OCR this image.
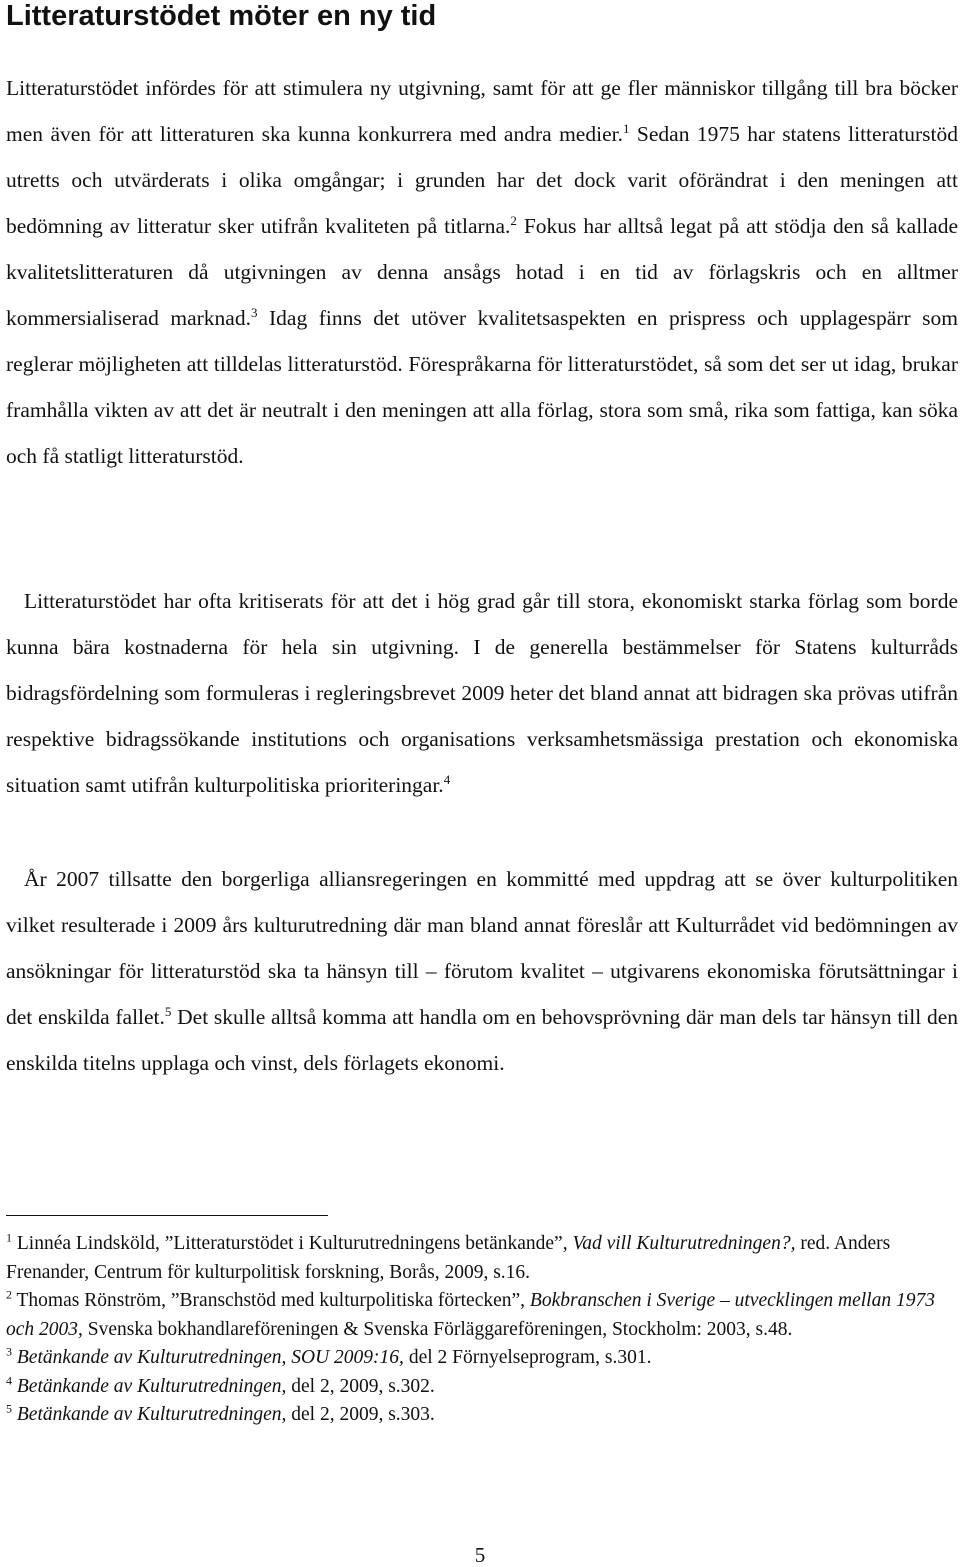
Litteraturstödet möter en ny tid

Litteraturstödet infördes för att stimulera ny utgivning, samt för att ge fler människor tillgång till bra böcker men även för att litteraturen ska kunna konkurrera med andra medier.$^1$ Sedan 1975 har statens litteraturstöd utretts och utvärderats i olika omgångar; i grunden har det dock varit oförändrat i den meningen att bedömning av litteratur sker utifrån kvaliteten på titlarna.$^2$ Fokus har alltså legat på att stödja den så kallade kvalitetslitteraturen då utgivningen av denna ansågs hotad i en tid av förlagskris och en alltmer kommersialiserad marknad.$^3$ Idag finns det utöver kvalitetsaspekten en prispress och upplagespärr som reglerar möjligheten att tilldelas litteraturstöd. Förespråkarna för litteraturstödet, så som det ser ut idag, brukar framhålla vikten av att det är neutralt i den meningen att alla förlag, stora som små, rika som fattiga, kan söka och få statligt litteraturstöd.

Litteraturstödet har ofta kritiserats för att det i hög grad går till stora, ekonomiskt starka förlag som borde kunna bära kostnaderna för hela sin utgivning. I de generella bestämmelser för Statens kulturråds bidragsfördelning som formuleras i regleringsbrevet 2009 heter det bland annat att bidragen ska prövas utifrån respektive bidragssökande institutions och organisations verksamhetsmässiga prestation och ekonomiska situation samt utifrån kulturpolitiska prioriteringar.$^4$

År 2007 tillsatte den borgerliga alliansregeringen en kommitté med uppdrag att se över kulturpolitiken vilket resulterade i 2009 års kulturutredning där man bland annat föreslår att Kulturrådet vid bedömningen av ansökningar för litteraturstöd ska ta hänsyn till – förutom kvalitet – utgivarens ekonomiska förutsättningar i det enskilda fallet.$^5$ Det skulle alltså komma att handla om en behovsprövning där man dels tar hänsyn till den enskilda titelns upplaga och vinst, dels förlagets ekonomi.

$^1$ Linnéa Lindsköld, ”Litteraturstödet i Kulturutredningens betänkande”, Vad vill Kulturutredningen?, red. Anders Frenander, Centrum för kulturpolitisk forskning, Borås, 2009, s.16.

$^2$ Thomas Rönström, ”Branschstöd med kulturpolitiska förtecken”, Bokbranschen i Sverige – utvecklingen mellan 1973 och 2003, Svenska bokhandlareföreningen & Svenska Förläggareföreningen, Stockholm: 2003, s.48.

$^3$ Betänkande av Kulturutredningen, SOU 2009:16, del 2 Förnyelseprogram, s.301.

$^4$ Betänkande av Kulturutredningen, del 2, 2009, s.302.

$^5$ Betänkande av Kulturutredningen, del 2, 2009, s.303.

5
